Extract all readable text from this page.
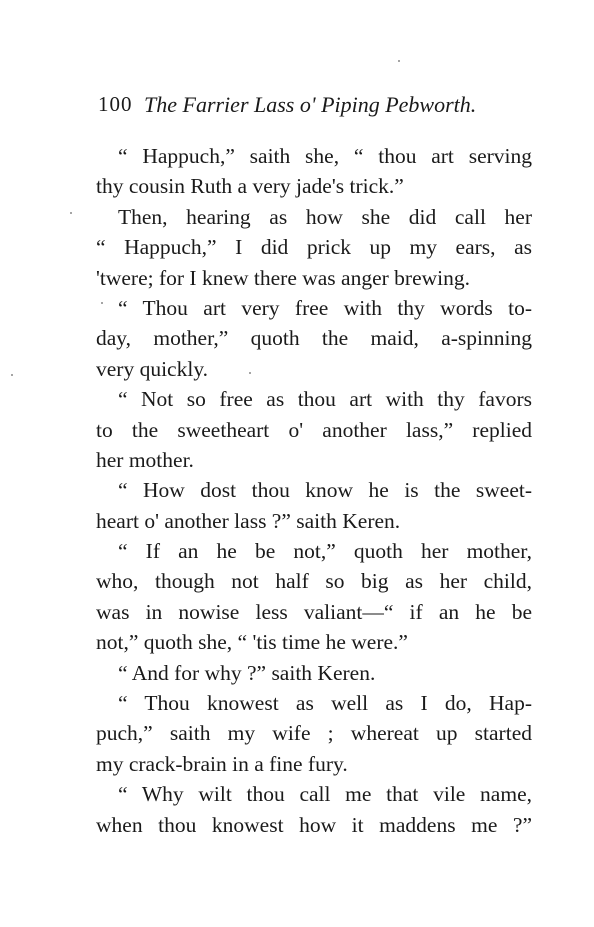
100 The Farrier Lass o' Piping Pebworth.
“ Happuch,” saith she, “ thou art serving
thy cousin Ruth a very jade's trick.”
Then, hearing as how she did call her
“ Happuch,” I did prick up my ears, as
'twere; for I knew there was anger brewing.
“ Thou art very free with thy words to-
day, mother,” quoth the maid, a-spinning
very quickly.
“ Not so free as thou art with thy favors
to the sweetheart o' another lass,” replied
her mother.
“ How dost thou know he is the sweet-
heart o' another lass ?” saith Keren.
“ If an he be not,” quoth her mother,
who, though not half so big as her child,
was in nowise less valiant—“ if an he be
not,” quoth she, “ 'tis time he were.”
“ And for why ?” saith Keren.
“ Thou knowest as well as I do, Hap-
puch,” saith my wife ; whereat up started
my crack-brain in a fine fury.
“ Why wilt thou call me that vile name,
when thou knowest how it maddens me ?”
